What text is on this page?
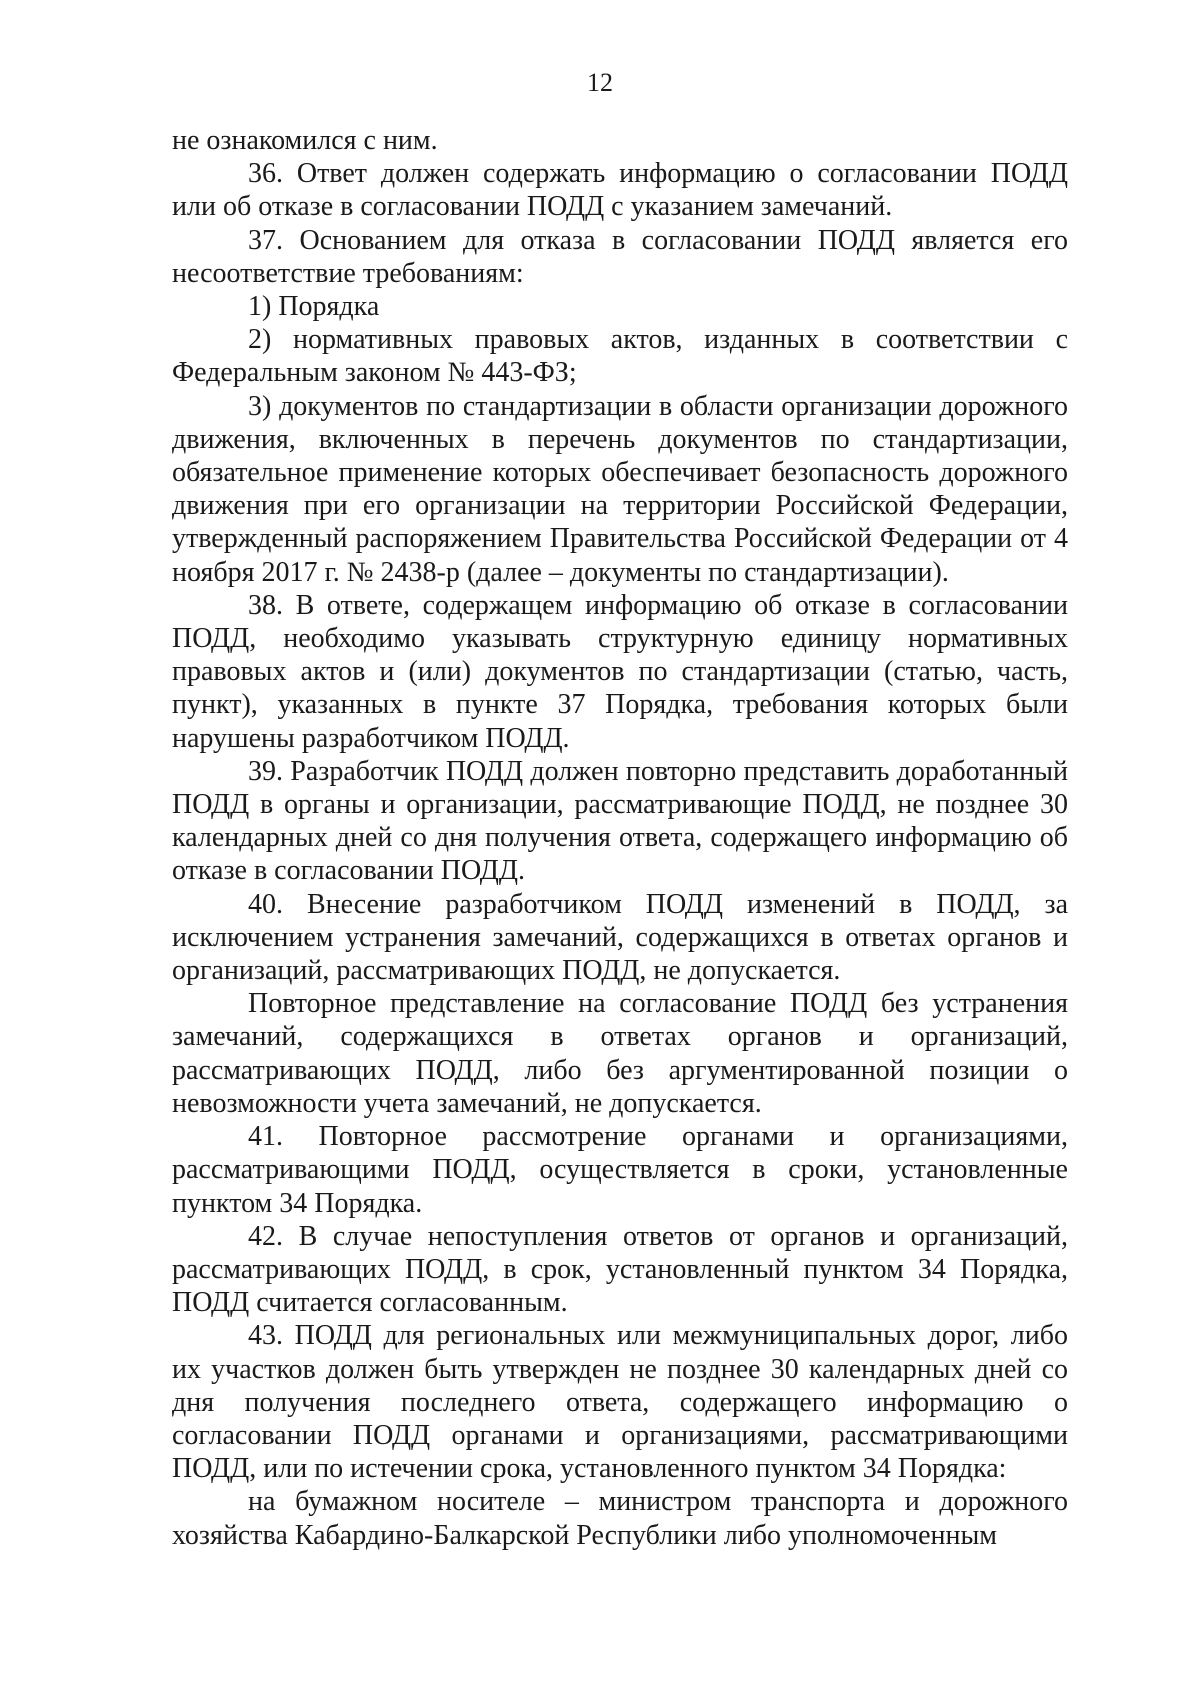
12

не ознакомился с ним.

36. Ответ должен содержать информацию о согласовании ПОДД или об отказе в согласовании ПОДД с указанием замечаний.

37. Основанием для отказа в согласовании ПОДД является его несоответствие требованиям:

1) Порядка

2) нормативных правовых актов, изданных в соответствии с Федеральным законом № 443-ФЗ;

3) документов по стандартизации в области организации дорожного движения, включенных в перечень документов по стандартизации, обязательное применение которых обеспечивает безопасность дорожного движения при его организации на территории Российской Федерации, утвержденный распоряжением Правительства Российской Федерации от 4 ноября 2017 г. № 2438-р (далее – документы по стандартизации).

38. В ответе, содержащем информацию об отказе в согласовании ПОДД, необходимо указывать структурную единицу нормативных правовых актов и (или) документов по стандартизации (статью, часть, пункт), указанных в пункте 37 Порядка, требования которых были нарушены разработчиком ПОДД.

39. Разработчик ПОДД должен повторно представить доработанный ПОДД в органы и организации, рассматривающие ПОДД, не позднее 30 календарных дней со дня получения ответа, содержащего информацию об отказе в согласовании ПОДД.

40. Внесение разработчиком ПОДД изменений в ПОДД, за исключением устранения замечаний, содержащихся в ответах органов и организаций, рассматривающих ПОДД, не допускается.

Повторное представление на согласование ПОДД без устранения замечаний, содержащихся в ответах органов и организаций, рассматривающих ПОДД, либо без аргументированной позиции о невозможности учета замечаний, не допускается.

41. Повторное рассмотрение органами и организациями, рассматривающими ПОДД, осуществляется в сроки, установленные пунктом 34 Порядка.

42. В случае непоступления ответов от органов и организаций, рассматривающих ПОДД, в срок, установленный пунктом 34 Порядка, ПОДД считается согласованным.

43. ПОДД для региональных или межмуниципальных дорог, либо их участков должен быть утвержден не позднее 30 календарных дней со дня получения последнего ответа, содержащего информацию о согласовании ПОДД органами и организациями, рассматривающими ПОДД, или по истечении срока, установленного пунктом 34 Порядка:

на бумажном носителе – министром транспорта и дорожного хозяйства Кабардино-Балкарской Республики либо уполномоченным
